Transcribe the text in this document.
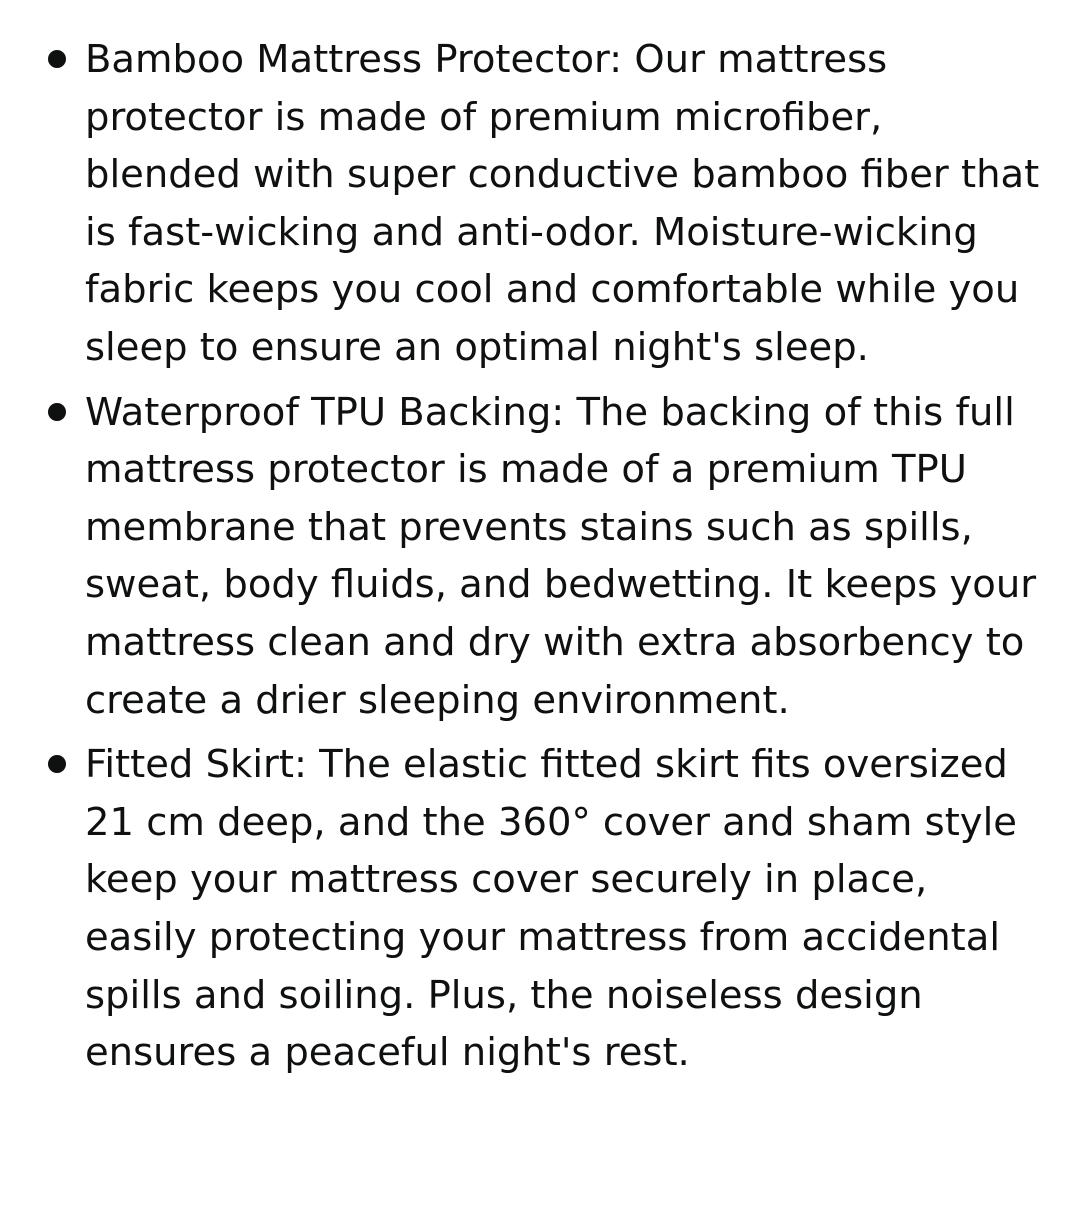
Bamboo Mattress Protector: Our mattress protector is made of premium microfiber, blended with super conductive bamboo fiber that is fast-wicking and anti-odor. Moisture-wicking fabric keeps you cool and comfortable while you sleep to ensure an optimal night's sleep.
Waterproof TPU Backing: The backing of this full mattress protector is made of a premium TPU membrane that prevents stains such as spills, sweat, body fluids, and bedwetting. It keeps your mattress clean and dry with extra absorbency to create a drier sleeping environment.
Fitted Skirt: The elastic fitted skirt fits oversized 21 cm deep, and the 360° cover and sham style keep your mattress cover securely in place, easily protecting your mattress from accidental spills and soiling. Plus, the noiseless design ensures a peaceful night's rest.
